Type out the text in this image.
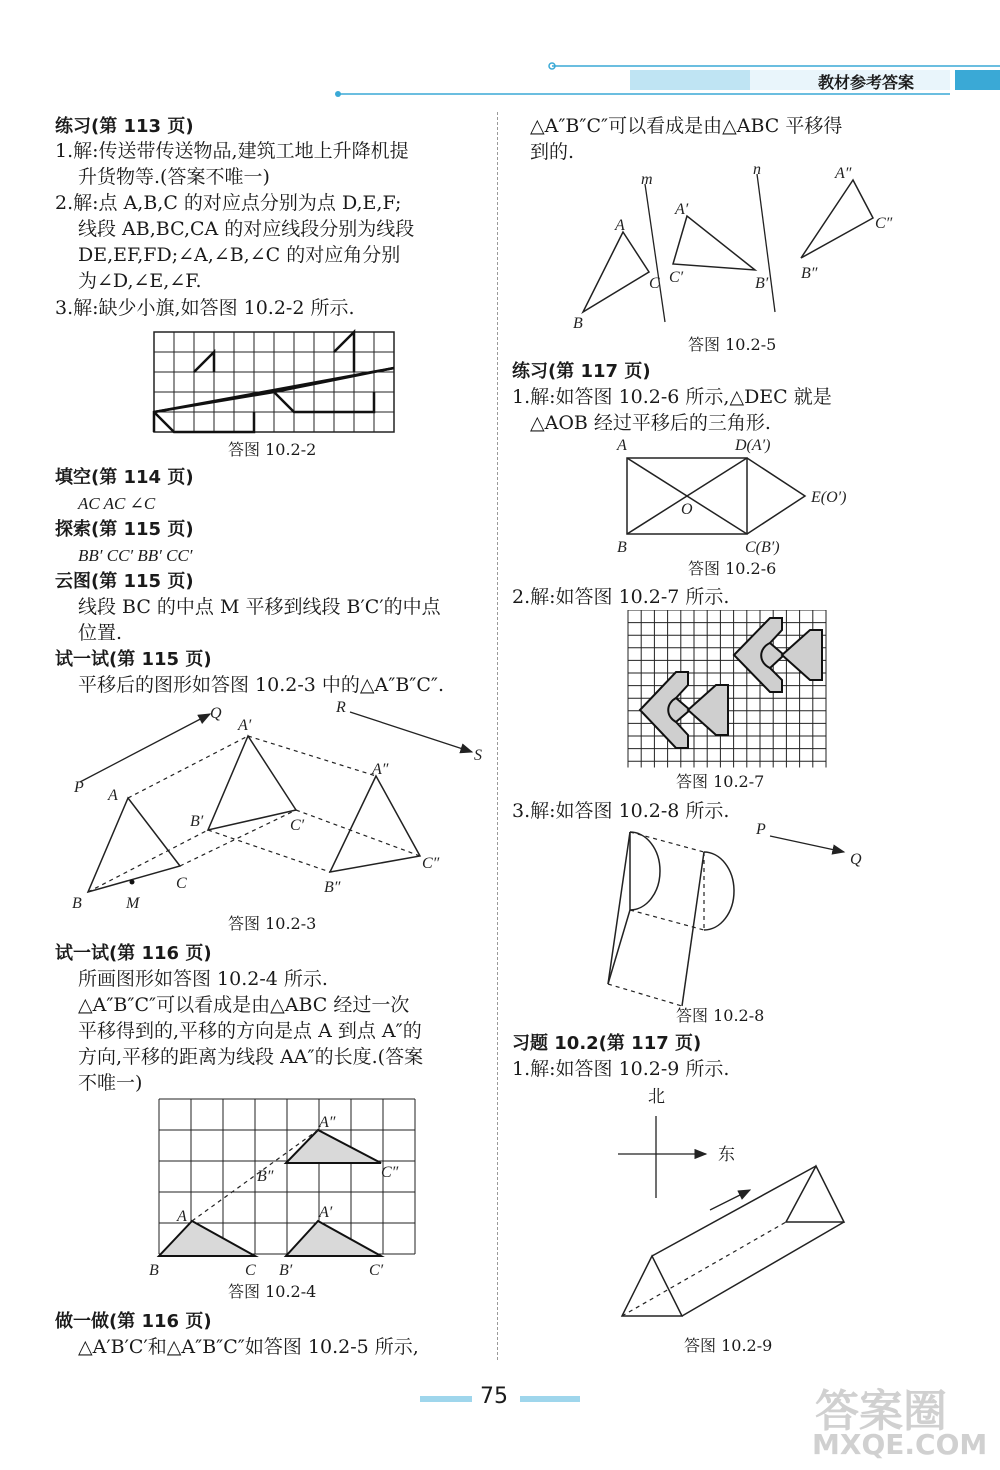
教材参考答案
练习(第 113 页)
1.解:传送带传送物品,建筑工地上升降机提
升货物等.(答案不唯一)
2.解:点 A,B,C 的对应点分别为点 D,E,F;
线段 AB,BC,CA 的对应线段分别为线段
DE,EF,FD;∠A,∠B,∠C 的对应角分别
为∠D,∠E,∠F.
3.解:缺少小旗,如答图 10.2-2 所示.
填空(第 114 页)
AC AC ∠C
探索(第 115 页)
BB′ CC′ BB′ CC′
云图(第 115 页)
线段 BC 的中点 M 平移到线段 B′C′的中点
位置.
试一试(第 115 页)
平移后的图形如答图 10.2-3 中的△A″B″C″.
试一试(第 116 页)
所画图形如答图 10.2-4 所示.
△A″B″C″可以看成是由△ABC 经过一次
平移得到的,平移的方向是点 A 到点 A″的
方向,平移的距离为线段 AA″的长度.(答案
不唯一)
做一做(第 116 页)
△A′B′C′和△A″B″C″如答图 10.2-5 所示,
△A″B″C″可以看成是由△ABC 平移得
到的.
练习(第 117 页)
1.解:如答图 10.2-6 所示,△DEC 就是
△AOB 经过平移后的三角形.
2.解:如答图 10.2-7 所示.
3.解:如答图 10.2-8 所示.
习题 10.2(第 117 页)
1.解:如答图 10.2-9 所示.
答图 10.2-2
Q	R
S
P A
B
C
M
A′
B′	C′
A″
B″
C″
答图 10.2-3
A
B	C
A′
B′	C′
A″
B″	C″
答图 10.2-4
m
n
A
B
C
A′
C′	B′
A″
B″
C″
答图 10.2-5
A	D(A′)
E(O′)
O
B	C(B′)
答图 10.2-6
答图 10.2-7
P
Q
答图 10.2-8
北
东
答图 10.2-9
75	答案圈
MXQE.COM
